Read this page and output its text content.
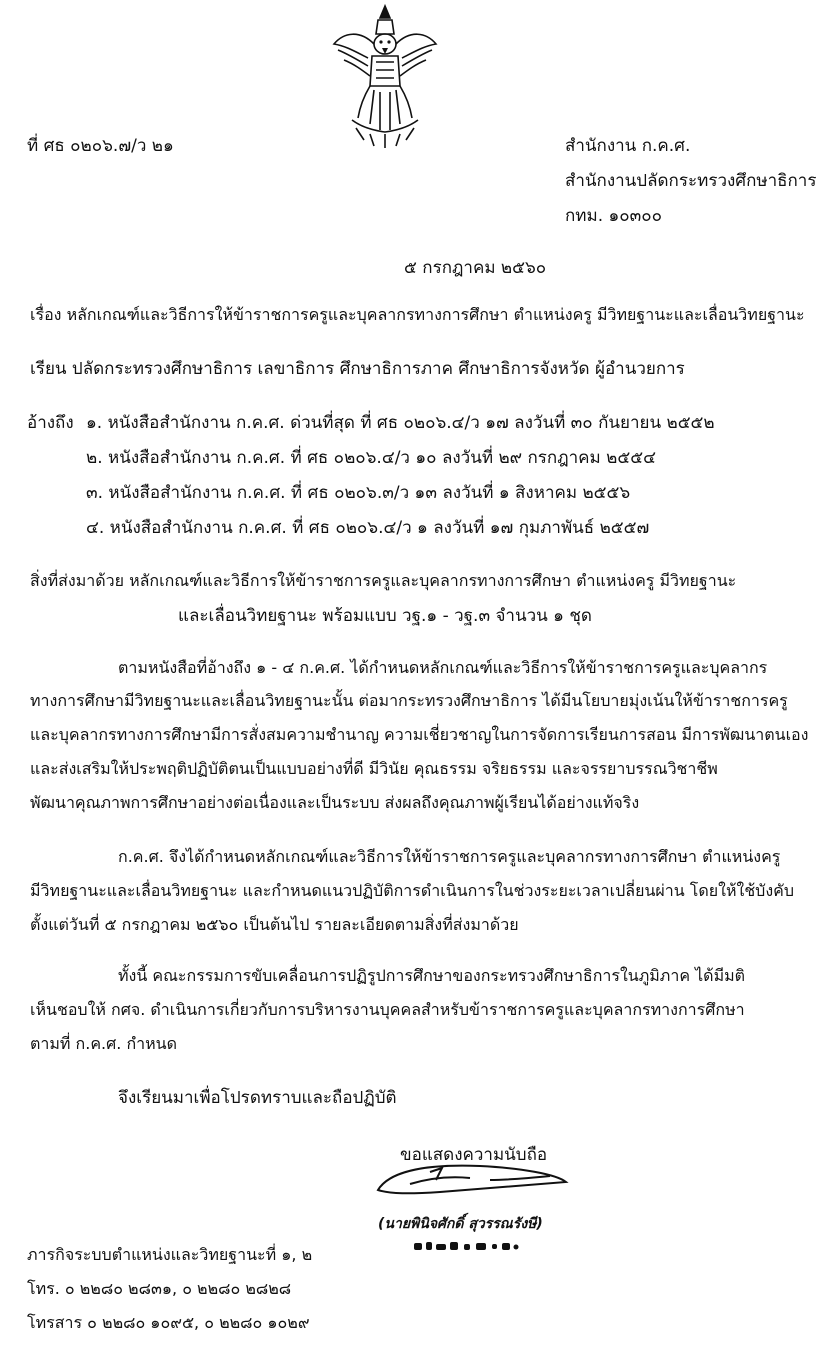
ที่ ศธ ๐๒๐๖.๗/ว ๒๑	สำนักงาน ก.ค.ศ.
สำนักงานปลัดกระทรวงศึกษาธิการ
กทม. ๑๐๓๐๐
๕ กรกฎาคม ๒๕๖๐
เรื่อง หลักเกณฑ์และวิธีการให้ข้าราชการครูและบุคลากรทางการศึกษา ตำแหน่งครู มีวิทยฐานะและเลื่อนวิทยฐานะ
เรียน ปลัดกระทรวงศึกษาธิการ เลขาธิการ ศึกษาธิการภาค ศึกษาธิการจังหวัด ผู้อำนวยการ
อ้างถึง ๑. หนังสือสำนักงาน ก.ค.ศ. ด่วนที่สุด ที่ ศธ ๐๒๐๖.๔/ว ๑๗ ลงวันที่ ๓๐ กันยายน ๒๕๕๒
๒. หนังสือสำนักงาน ก.ค.ศ. ที่ ศธ ๐๒๐๖.๔/ว ๑๐ ลงวันที่ ๒๙ กรกฎาคม ๒๕๕๔
๓. หนังสือสำนักงาน ก.ค.ศ. ที่ ศธ ๐๒๐๖.๓/ว ๑๓ ลงวันที่ ๑ สิงหาคม ๒๕๕๖
๔. หนังสือสำนักงาน ก.ค.ศ. ที่ ศธ ๐๒๐๖.๔/ว ๑ ลงวันที่ ๑๗ กุมภาพันธ์ ๒๕๕๗
สิ่งที่ส่งมาด้วย หลักเกณฑ์และวิธีการให้ข้าราชการครูและบุคลากรทางการศึกษา ตำแหน่งครู มีวิทยฐานะ
และเลื่อนวิทยฐานะ พร้อมแบบ วฐ.๑ - วฐ.๓ จำนวน ๑ ชุด
ตามหนังสือที่อ้างถึง ๑ - ๔ ก.ค.ศ. ได้กำหนดหลักเกณฑ์และวิธีการให้ข้าราชการครูและบุคลากร
ทางการศึกษามีวิทยฐานะและเลื่อนวิทยฐานะนั้น ต่อมากระทรวงศึกษาธิการ ได้มีนโยบายมุ่งเน้นให้ข้าราชการครู
และบุคลากรทางการศึกษามีการสั่งสมความชำนาญ ความเชี่ยวชาญในการจัดการเรียนการสอน มีการพัฒนาตนเอง
และส่งเสริมให้ประพฤติปฏิบัติตนเป็นแบบอย่างที่ดี มีวินัย คุณธรรม จริยธรรม และจรรยาบรรณวิชาชีพ
พัฒนาคุณภาพการศึกษาอย่างต่อเนื่องและเป็นระบบ ส่งผลถึงคุณภาพผู้เรียนได้อย่างแท้จริง
ก.ค.ศ. จึงได้กำหนดหลักเกณฑ์และวิธีการให้ข้าราชการครูและบุคลากรทางการศึกษา ตำแหน่งครู
มีวิทยฐานะและเลื่อนวิทยฐานะ และกำหนดแนวปฏิบัติการดำเนินการในช่วงระยะเวลาเปลี่ยนผ่าน โดยให้ใช้บังคับ
ตั้งแต่วันที่ ๕ กรกฎาคม ๒๕๖๐ เป็นต้นไป รายละเอียดตามสิ่งที่ส่งมาด้วย
ทั้งนี้ คณะกรรมการขับเคลื่อนการปฏิรูปการศึกษาของกระทรวงศึกษาธิการในภูมิภาค ได้มีมติ
เห็นชอบให้ กศจ. ดำเนินการเกี่ยวกับการบริหารงานบุคคลสำหรับข้าราชการครูและบุคลากรทางการศึกษา
ตามที่ ก.ค.ศ. กำหนด
จึงเรียนมาเพื่อโปรดทราบและถือปฏิบัติ
ขอแสดงความนับถือ
(นายพินิจศักดิ์ สุวรรณรังษี)
ภารกิจระบบตำแหน่งและวิทยฐานะที่ ๑, ๒
โทร. ๐ ๒๒๘๐ ๒๘๓๑, ๐ ๒๒๘๐ ๒๘๒๘
โทรสาร ๐ ๒๒๘๐ ๑๐๙๕, ๐ ๒๒๘๐ ๑๐๒๙
